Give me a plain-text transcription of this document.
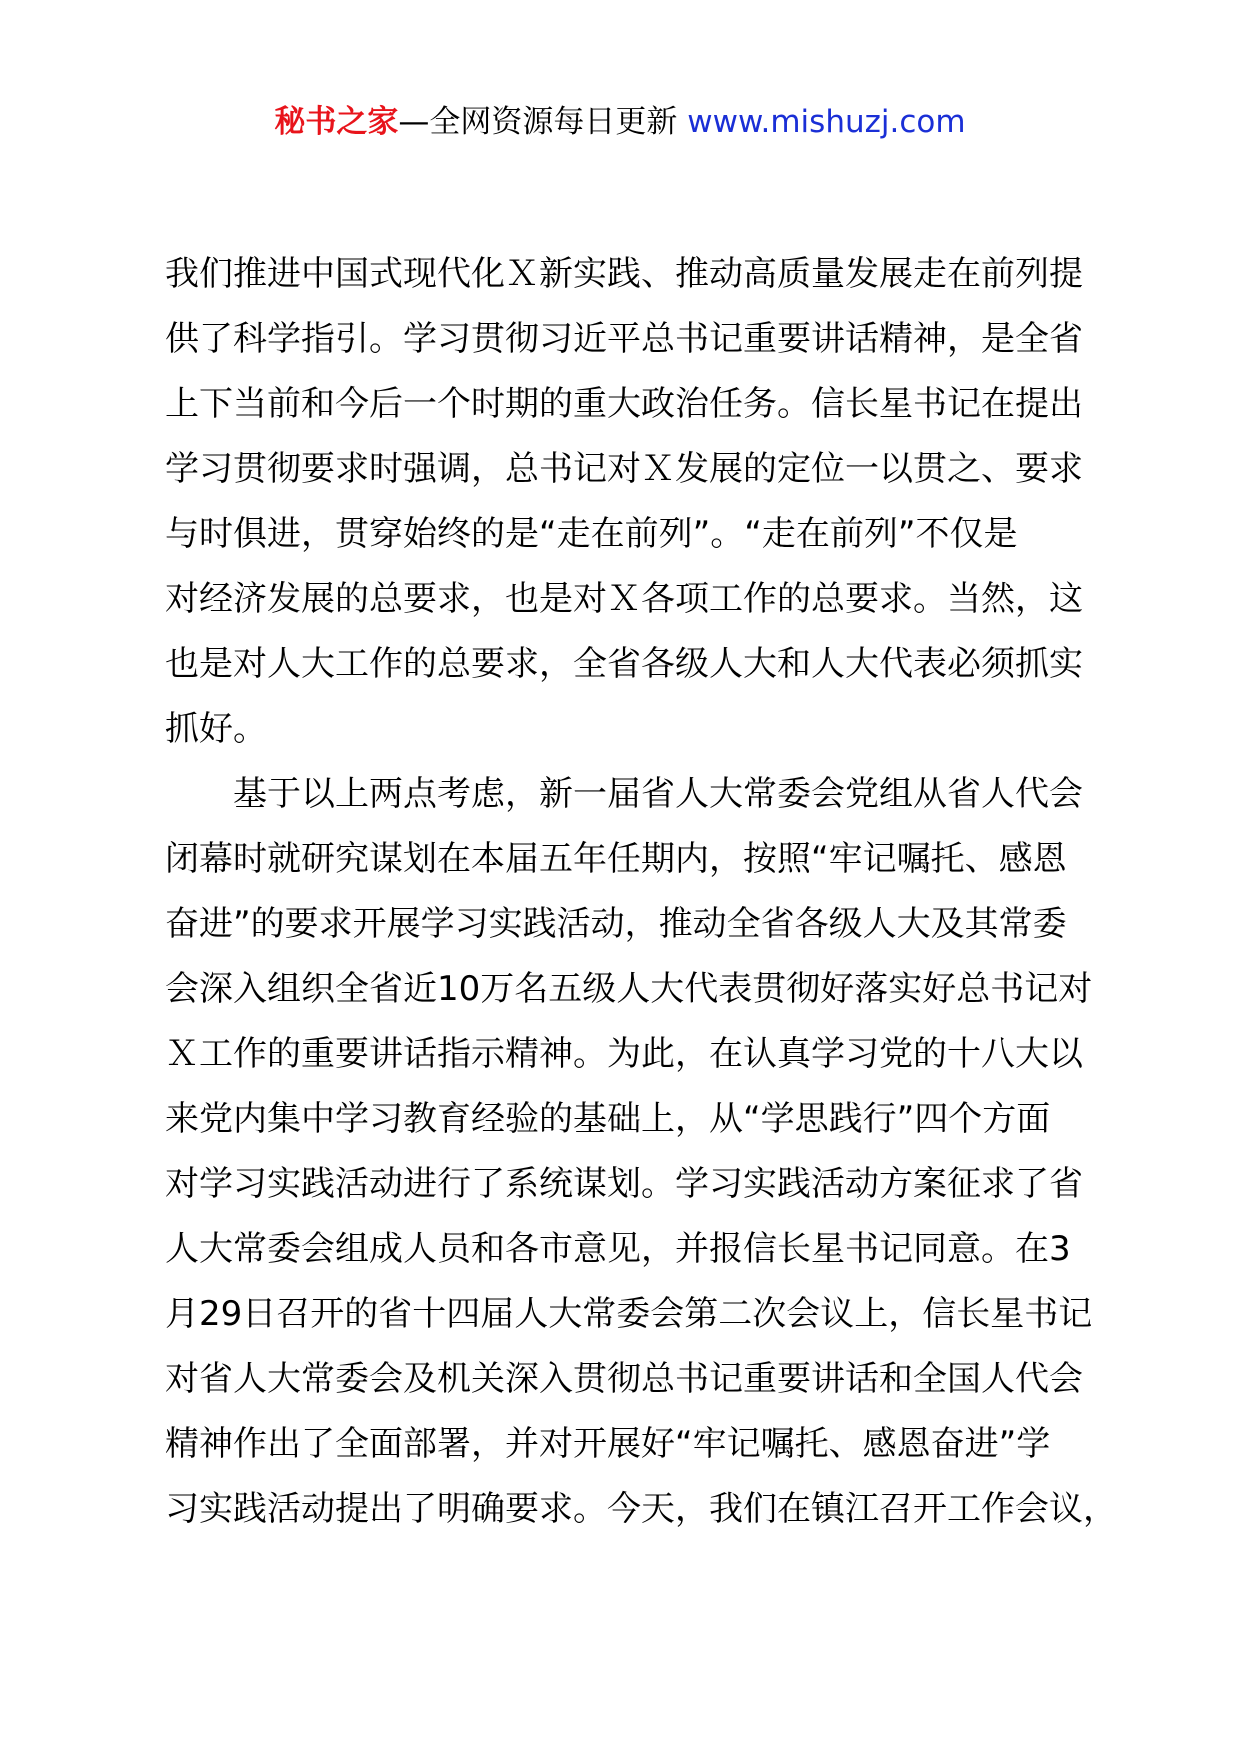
秘书之家—全网资源每日更新 www.mishuzj.com
我们推进中国式现代化Ｘ新实践、推动高质量发展走在前列提
供了科学指引。学习贯彻习近平总书记重要讲话精神，是全省
上下当前和今后一个时期的重大政治任务。信长星书记在提出
学习贯彻要求时强调，总书记对Ｘ发展的定位一以贯之、要求
与时俱进，贯穿始终的是“走在前列”。“走在前列”不仅是
对经济发展的总要求，也是对Ｘ各项工作的总要求。当然，这
也是对人大工作的总要求，全省各级人大和人大代表必须抓实
抓好。
基于以上两点考虑，新一届省人大常委会党组从省人代会
闭幕时就研究谋划在本届五年任期内，按照“牢记嘱托、感恩
奋进”的要求开展学习实践活动，推动全省各级人大及其常委
会深入组织全省近10万名五级人大代表贯彻好落实好总书记对
Ｘ工作的重要讲话指示精神。为此，在认真学习党的十八大以
来党内集中学习教育经验的基础上，从“学思践行”四个方面
对学习实践活动进行了系统谋划。学习实践活动方案征求了省
人大常委会组成人员和各市意见，并报信长星书记同意。在3
月29日召开的省十四届人大常委会第二次会议上，信长星书记
对省人大常委会及机关深入贯彻总书记重要讲话和全国人代会
精神作出了全面部署，并对开展好“牢记嘱托、感恩奋进”学
习实践活动提出了明确要求。今天，我们在镇江召开工作会议，
